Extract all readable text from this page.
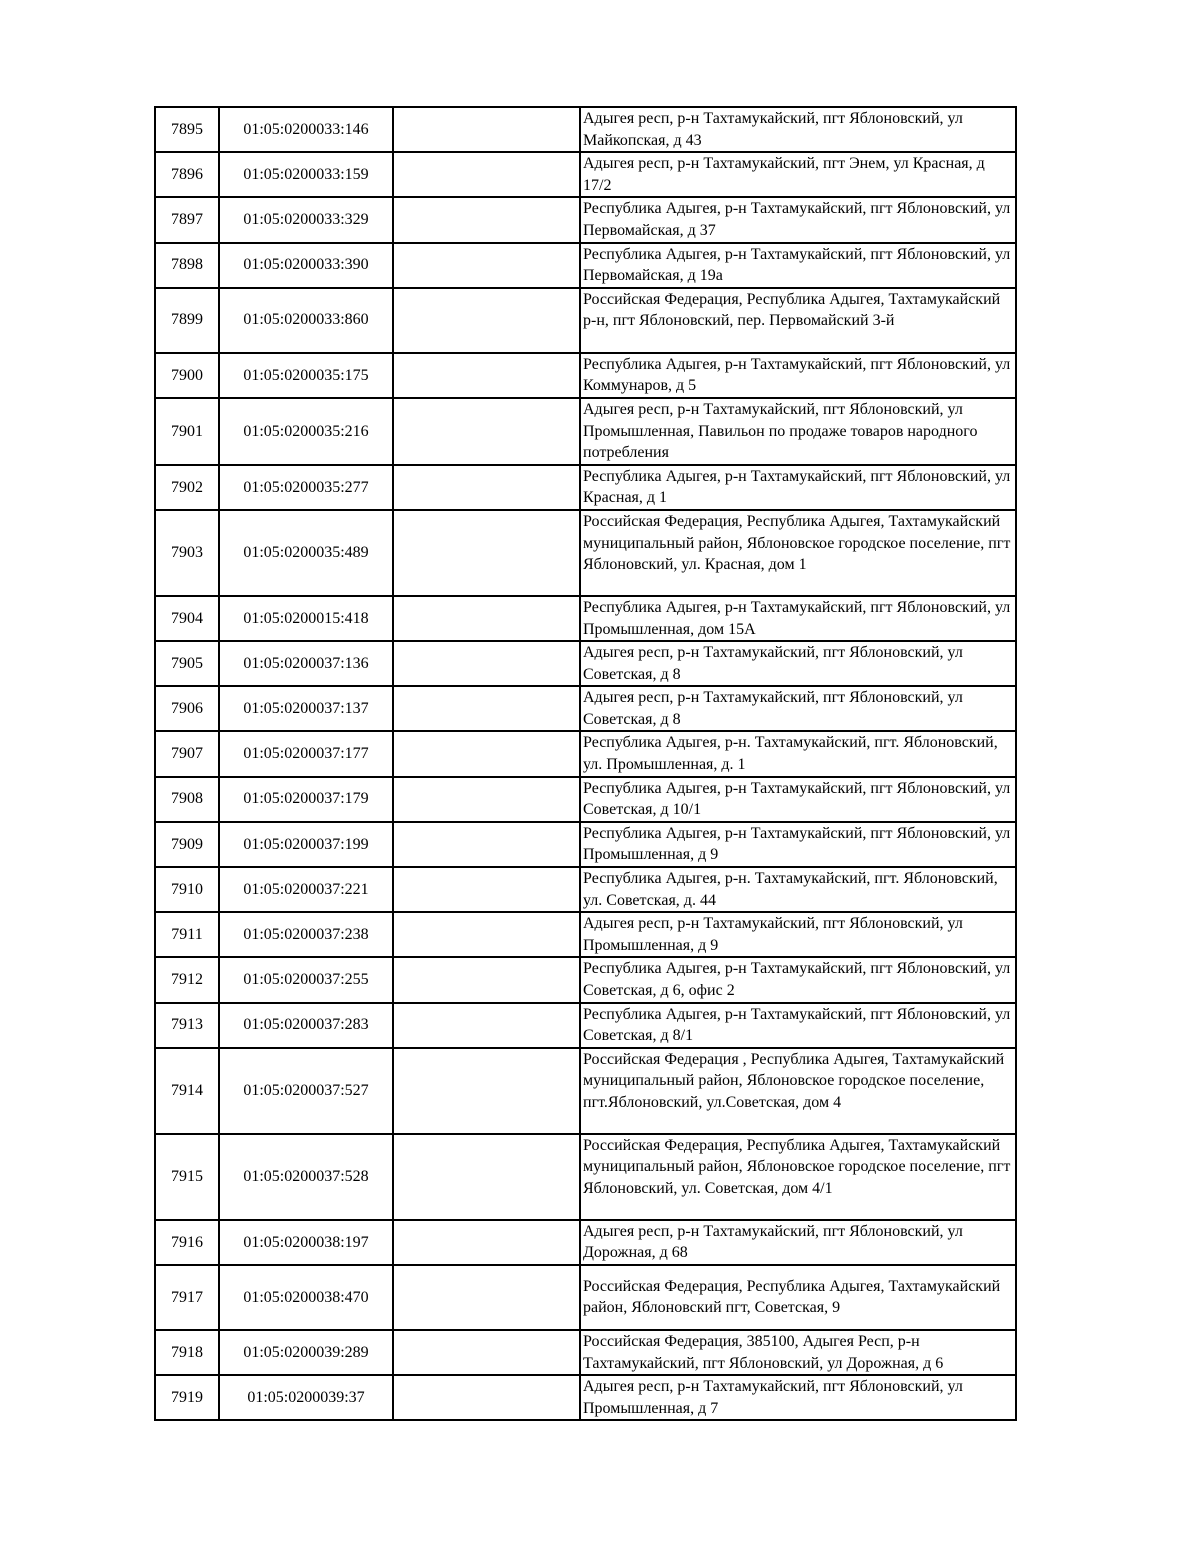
7895	01:05:0200033:146		Адыгея респ, р-н Тахтамукайский, пгт Яблоновский, ул Майкопская, д 43
7896	01:05:0200033:159		Адыгея респ, р-н Тахтамукайский, пгт Энем, ул Красная, д 17/2
7897	01:05:0200033:329		Республика Адыгея, р-н Тахтамукайский, пгт Яблоновский, ул Первомайская, д 37
7898	01:05:0200033:390		Республика Адыгея, р-н Тахтамукайский, пгт Яблоновский, ул Первомайская, д 19а
7899	01:05:0200033:860		Российская Федерация, Республика Адыгея, Тахтамукайский р-н, пгт Яблоновский, пер. Первомайский 3-й
7900	01:05:0200035:175		Республика Адыгея, р-н Тахтамукайский, пгт Яблоновский, ул Коммунаров, д 5
7901	01:05:0200035:216		Адыгея респ, р-н Тахтамукайский, пгт Яблоновский, ул Промышленная, Павильон по продаже товаров народного потребления
7902	01:05:0200035:277		Республика Адыгея, р-н Тахтамукайский, пгт Яблоновский, ул Красная, д 1
7903	01:05:0200035:489		Российская Федерация, Республика Адыгея, Тахтамукайский муниципальный район, Яблоновское городское поселение, пгт Яблоновский, ул. Красная, дом 1
7904	01:05:0200015:418		Республика Адыгея, р-н Тахтамукайский, пгт Яблоновский, ул Промышленная, дом 15А
7905	01:05:0200037:136		Адыгея респ, р-н Тахтамукайский, пгт Яблоновский, ул Советская, д 8
7906	01:05:0200037:137		Адыгея респ, р-н Тахтамукайский, пгт Яблоновский, ул Советская, д 8
7907	01:05:0200037:177		Республика Адыгея, р-н. Тахтамукайский, пгт. Яблоновский, ул. Промышленная, д. 1
7908	01:05:0200037:179		Республика Адыгея, р-н Тахтамукайский, пгт Яблоновский, ул Советская, д 10/1
7909	01:05:0200037:199		Республика Адыгея, р-н Тахтамукайский, пгт Яблоновский, ул Промышленная, д 9
7910	01:05:0200037:221		Республика Адыгея, р-н. Тахтамукайский, пгт. Яблоновский, ул. Советская, д. 44
7911	01:05:0200037:238		Адыгея респ, р-н Тахтамукайский, пгт Яблоновский, ул Промышленная, д 9
7912	01:05:0200037:255		Республика Адыгея, р-н Тахтамукайский, пгт Яблоновский, ул Советская, д 6, офис 2
7913	01:05:0200037:283		Республика Адыгея, р-н Тахтамукайский, пгт Яблоновский, ул Советская, д 8/1
7914	01:05:0200037:527		Российская Федерация , Республика Адыгея, Тахтамукайский муниципальный район, Яблоновское городское поселение, пгт.Яблоновский, ул.Советская, дом 4
7915	01:05:0200037:528		Российская Федерация, Республика Адыгея, Тахтамукайский муниципальный район, Яблоновское городское поселение, пгт Яблоновский, ул. Советская, дом 4/1
7916	01:05:0200038:197		Адыгея респ, р-н Тахтамукайский, пгт Яблоновский, ул Дорожная, д 68
7917	01:05:0200038:470		Российская Федерация, Республика Адыгея, Тахтамукайский район, Яблоновский пгт, Советская, 9
7918	01:05:0200039:289		Российская Федерация, 385100, Адыгея Респ, р-н Тахтамукайский, пгт Яблоновский, ул Дорожная, д 6
7919	01:05:0200039:37		Адыгея респ, р-н Тахтамукайский, пгт Яблоновский, ул Промышленная, д 7
